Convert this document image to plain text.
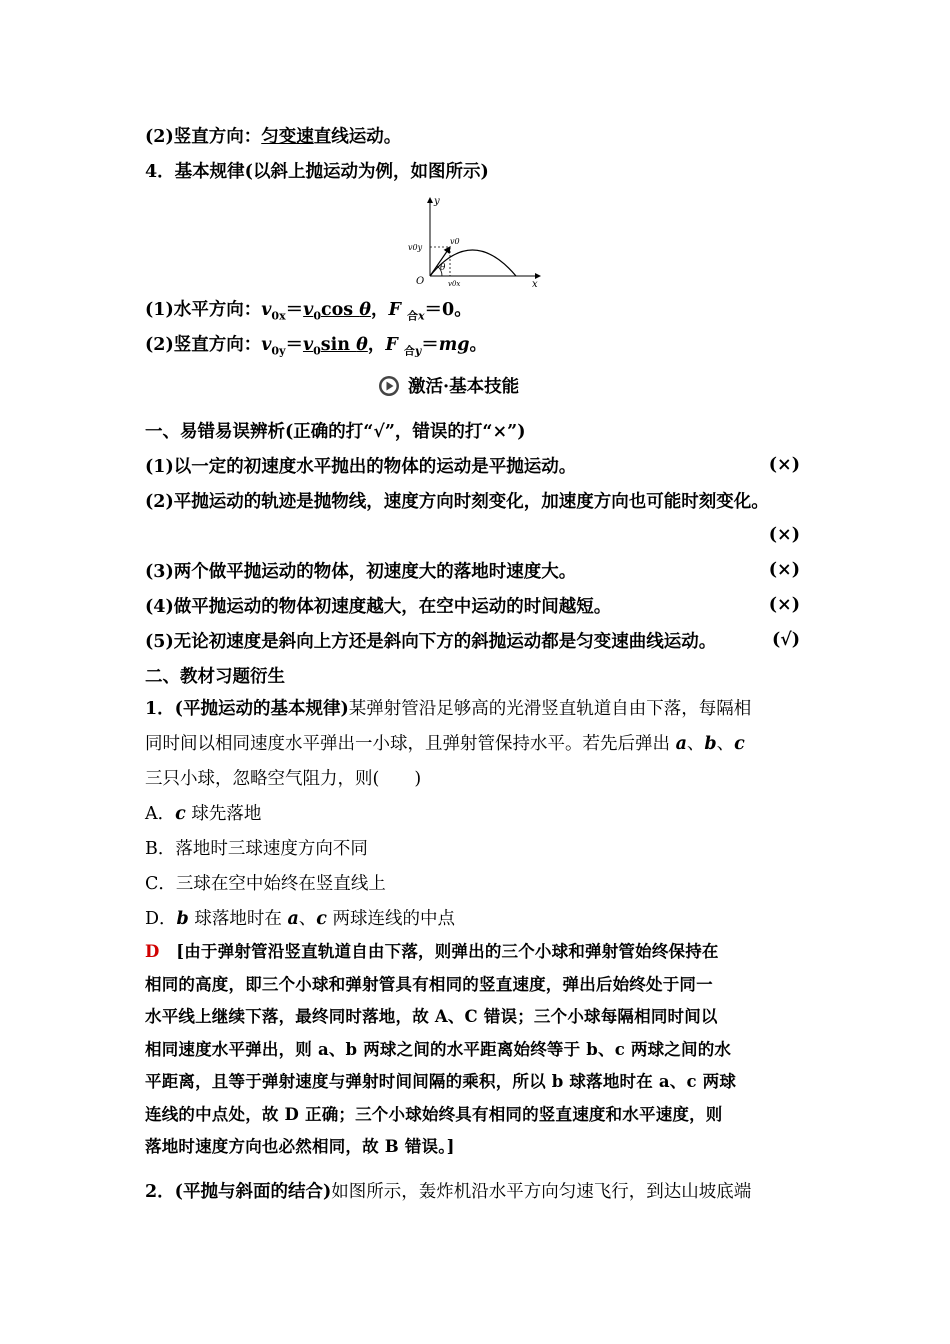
(2)竖直方向：匀变速直线运动。
4．基本规律(以斜上抛运动为例，如图所示)
y
x
O
v0
v0y
v0x
θ
(1)水平方向：$v_{0x}=v_0\cos$ θ，F $_{合x}$＝0。
(2)竖直方向：$v_{0y}=v_0\sin$ θ，F $_{合y}$＝mg。
激活·基本技能
一、易错易误辨析(正确的打“√”，错误的打“×”)
(1)以一定的初速度水平抛出的物体的运动是平抛运动。	(×)
(2)平抛运动的轨迹是抛物线，速度方向时刻变化，加速度方向也可能时刻变化。
(×)
(3)两个做平抛运动的物体，初速度大的落地时速度大。	(×)
(4)做平抛运动的物体初速度越大，在空中运动的时间越短。	(×)
(5)无论初速度是斜向上方还是斜向下方的斜抛运动都是匀变速曲线运动。	(√)
二、教材习题衍生
1．(平抛运动的基本规律)某弹射管沿足够高的光滑竖直轨道自由下落，每隔相
同时间以相同速度水平弹出一小球，且弹射管保持水平。若先后弹出 a、b、c
三只小球，忽略空气阻力，则(　　)
A．c 球先落地
B．落地时三球速度方向不同
C．三球在空中始终在竖直线上
D．b 球落地时在 a、c 两球连线的中点
D　 [由于弹射管沿竖直轨道自由下落，则弹出的三个小球和弹射管始终保持在
相同的高度，即三个小球和弹射管具有相同的竖直速度，弹出后始终处于同一
水平线上继续下落，最终同时落地，故 A、C 错误；三个小球每隔相同时间以
相同速度水平弹出，则 a、b 两球之间的水平距离始终等于 b、c 两球之间的水
平距离，且等于弹射速度与弹射时间间隔的乘积，所以 b 球落地时在 a、c 两球
连线的中点处，故 D 正确；三个小球始终具有相同的竖直速度和水平速度，则
落地时速度方向也必然相同，故 B 错误。]
2．(平抛与斜面的结合)如图所示，轰炸机沿水平方向匀速飞行，到达山坡底端
